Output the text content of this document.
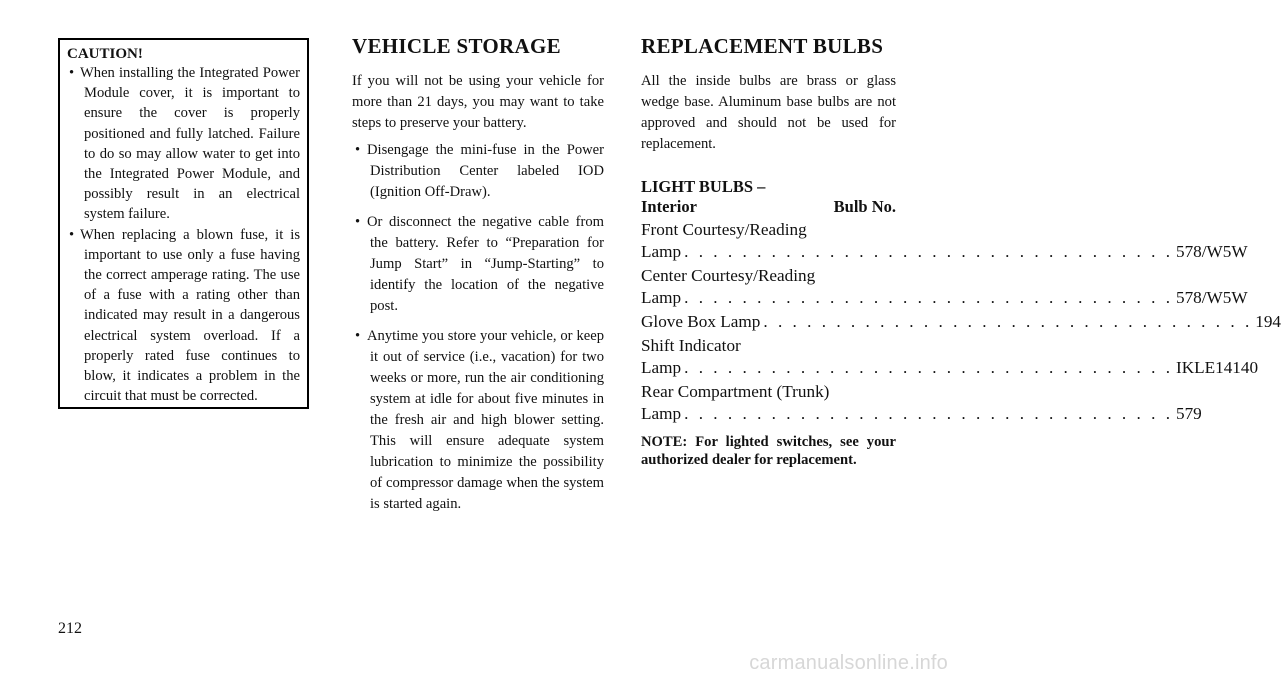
CAUTION!
• When installing the Integrated Power Module cover, it is important to ensure the cover is properly positioned and fully latched. Failure to do so may allow water to get into the Integrated Power Module, and possibly result in an electrical system failure.
• When replacing a blown fuse, it is important to use only a fuse having the correct amperage rating. The use of a fuse with a rating other than indicated may result in a dangerous electrical system overload. If a properly rated fuse continues to blow, it indicates a problem in the circuit that must be corrected.
VEHICLE STORAGE

If you will not be using your vehicle for more than 21 days, you may want to take steps to preserve your battery.

• Disengage the mini-fuse in the Power Distribution Center labeled IOD (Ignition Off-Draw).
• Or disconnect the negative cable from the battery. Refer to “Preparation for Jump Start” in “Jump-Starting” to identify the location of the negative post.
• Anytime you store your vehicle, or keep it out of service (i.e., vacation) for two weeks or more, run the air conditioning system at idle for about five minutes in the fresh air and high blower setting. This will ensure adequate system lubrication to minimize the possibility of compressor damage when the system is started again.
REPLACEMENT BULBS

All the inside bulbs are brass or glass wedge base. Aluminum base bulbs are not approved and should not be used for replacement.

LIGHT BULBS –
Interior	Bulb No.
Front Courtesy/Reading
Lamp . . . . . . . . . . . . . . . . . . . . . . . . . . . . . . . . . . 578/W5W
Center Courtesy/Reading
Lamp . . . . . . . . . . . . . . . . . . . . . . . . . . . . . . . . . . 578/W5W
Glove Box Lamp . . . . . . . . . . . . . . . . . . . . . . . . . . . . . . . . . . 194
Shift Indicator
Lamp . . . . . . . . . . . . . . . . . . . . . . . . . . . . . . . . . . IKLE14140
Rear Compartment (Trunk)
Lamp . . . . . . . . . . . . . . . . . . . . . . . . . . . . . . . . . . 579

NOTE: For lighted switches, see your authorized dealer for replacement.

212
carmanualsonline.info
